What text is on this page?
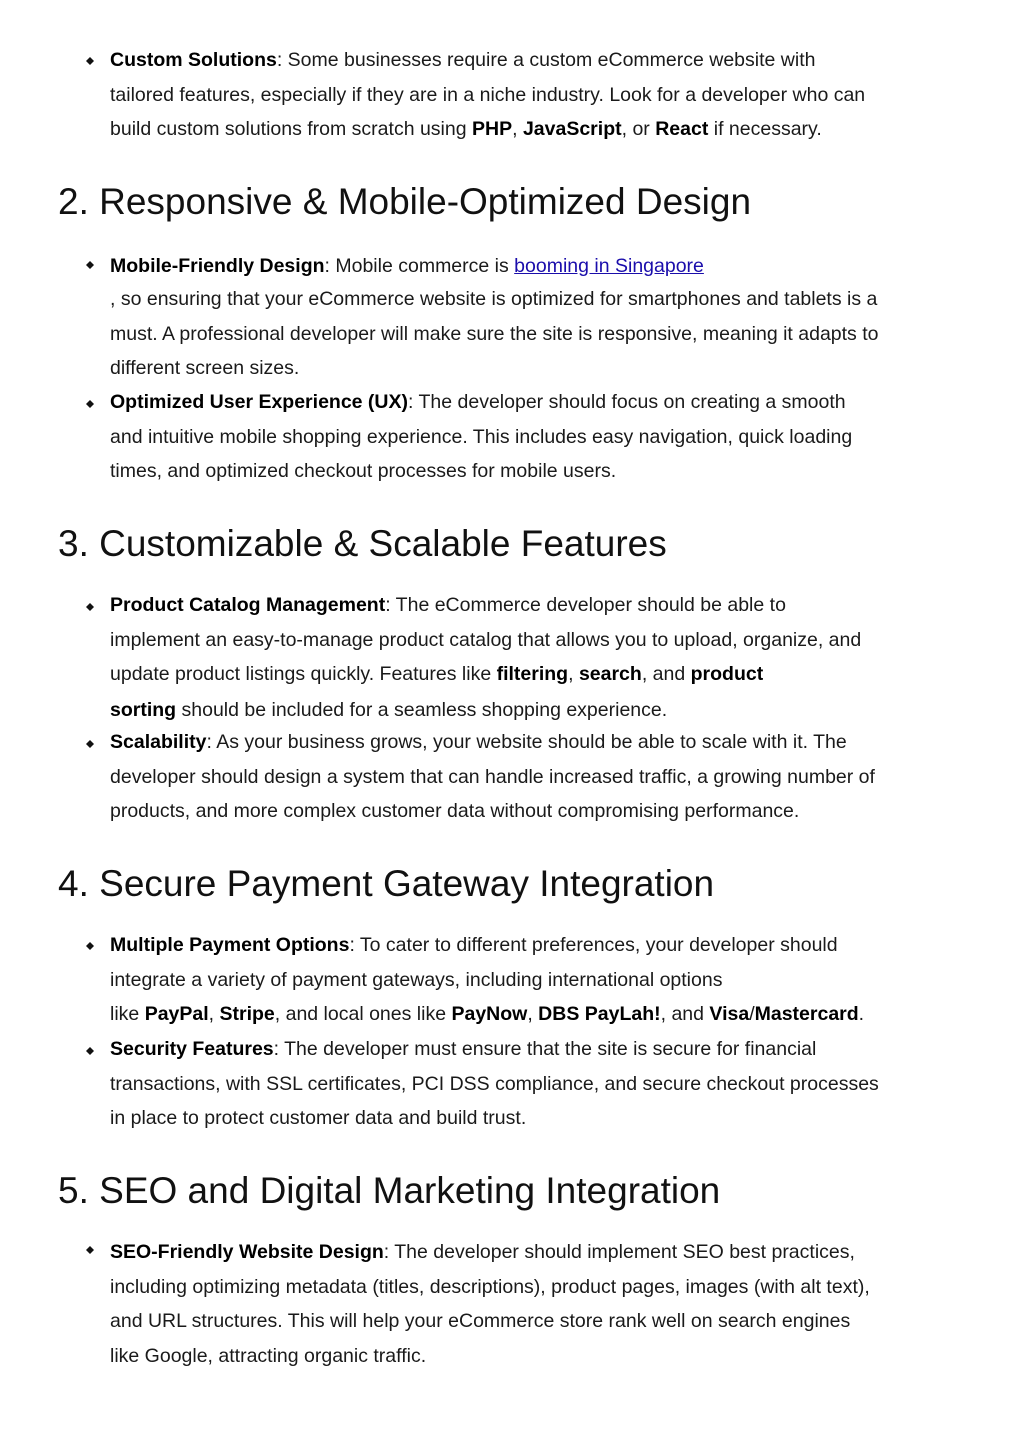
Custom Solutions: Some businesses require a custom eCommerce website with
tailored features, especially if they are in a niche industry. Look for a developer who can
build custom solutions from scratch using PHP, JavaScript, or React if necessary.
2. Responsive & Mobile-Optimized Design
Mobile-Friendly Design: Mobile commerce is booming in Singapore
, so ensuring that your eCommerce website is optimized for smartphones and tablets is a
must. A professional developer will make sure the site is responsive, meaning it adapts to
different screen sizes.
Optimized User Experience (UX): The developer should focus on creating a smooth
and intuitive mobile shopping experience. This includes easy navigation, quick loading
times, and optimized checkout processes for mobile users.
3. Customizable & Scalable Features
Product Catalog Management: The eCommerce developer should be able to
implement an easy-to-manage product catalog that allows you to upload, organize, and
update product listings quickly. Features like filtering, search, and product
sorting should be included for a seamless shopping experience.
Scalability: As your business grows, your website should be able to scale with it. The
developer should design a system that can handle increased traffic, a growing number of
products, and more complex customer data without compromising performance.
4. Secure Payment Gateway Integration
Multiple Payment Options: To cater to different preferences, your developer should
integrate a variety of payment gateways, including international options
like PayPal, Stripe, and local ones like PayNow, DBS PayLah!, and Visa/Mastercard.
Security Features: The developer must ensure that the site is secure for financial
transactions, with SSL certificates, PCI DSS compliance, and secure checkout processes
in place to protect customer data and build trust.
5. SEO and Digital Marketing Integration
SEO-Friendly Website Design: The developer should implement SEO best practices,
including optimizing metadata (titles, descriptions), product pages, images (with alt text),
and URL structures. This will help your eCommerce store rank well on search engines
like Google, attracting organic traffic.
